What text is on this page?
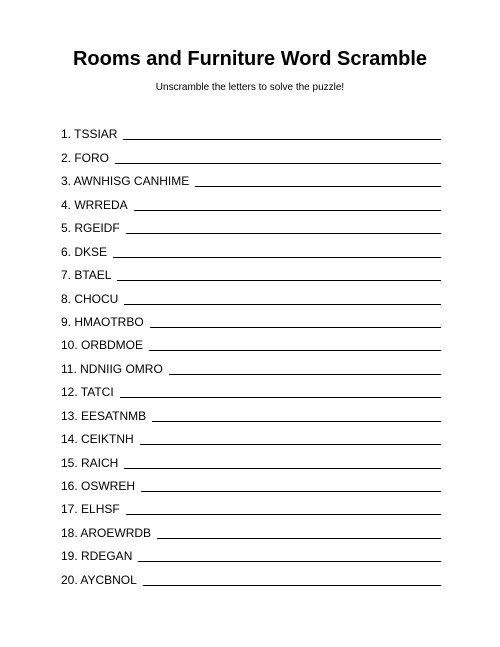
Rooms and Furniture Word Scramble
Unscramble the letters to solve the puzzle!
1. TSSIAR
2. FORO
3. AWNHISG CANHIME
4. WRREDA
5. RGEIDF
6. DKSE
7. BTAEL
8. CHOCU
9. HMAOTRBO
10. ORBDMOE
11. NDNIIG OMRO
12. TATCI
13. EESATNMB
14. CEIKTNH
15. RAICH
16. OSWREH
17. ELHSF
18. AROEWRDB
19. RDEGAN
20. AYCBNOL
